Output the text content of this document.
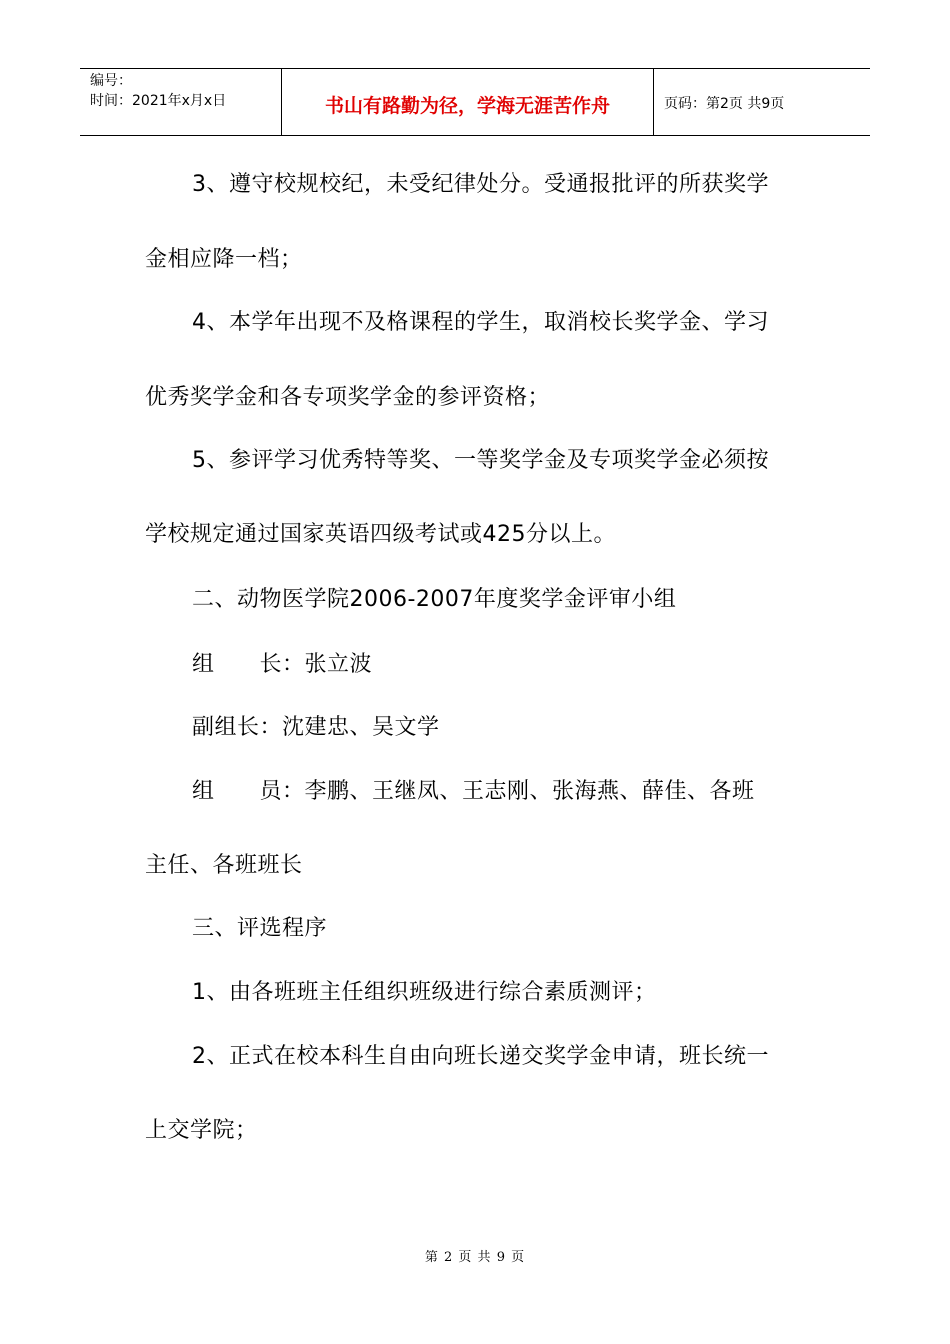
编号：
时间：2021年x月x日	书山有路勤为径，学海无涯苦作舟	页码：第2页 共9页
3、遵守校规校纪，未受纪律处分。受通报批评的所获奖学
金相应降一档；
4、本学年出现不及格课程的学生，取消校长奖学金、学习
优秀奖学金和各专项奖学金的参评资格；
5、参评学习优秀特等奖、一等奖学金及专项奖学金必须按
学校规定通过国家英语四级考试或425分以上。
二、动物医学院2006-2007年度奖学金评审小组
组　　长：张立波
副组长：沈建忠、吴文学
组　　员：李鹏、王继凤、王志刚、张海燕、薛佳、各班
主任、各班班长
三、评选程序
1、由各班班主任组织班级进行综合素质测评；
2、正式在校本科生自由向班长递交奖学金申请，班长统一
上交学院；
第 2 页 共 9 页
